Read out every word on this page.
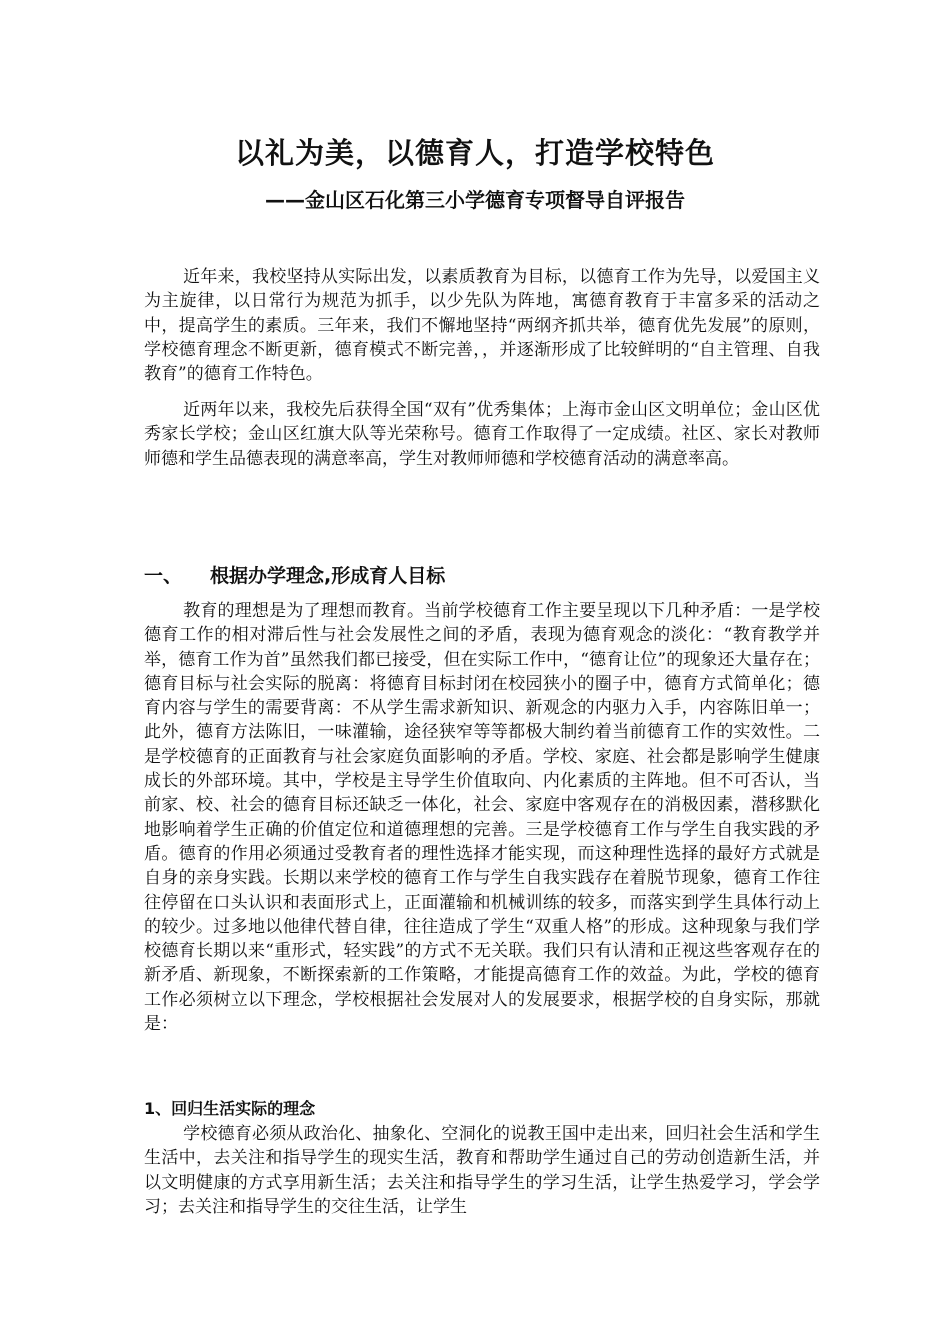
以礼为美，以德育人，打造学校特色
——金山区石化第三小学德育专项督导自评报告

近年来，我校坚持从实际出发，以素质教育为目标，以德育工作为先导，以爱国主义为主旋律，以日常行为规范为抓手，以少先队为阵地，寓德育教育于丰富多采的活动之中，提高学生的素质。三年来，我们不懈地坚持“两纲齐抓共举，德育优先发展”的原则，学校德育理念不断更新，德育模式不断完善，，并逐渐形成了比较鲜明的“自主管理、自我教育”的德育工作特色。

近两年以来，我校先后获得全国“双有”优秀集体；上海市金山区文明单位；金山区优秀家长学校；金山区红旗大队等光荣称号。德育工作取得了一定成绩。社区、家长对教师师德和学生品德表现的满意率高，学生对教师师德和学校德育活动的满意率高。

一、 根据办学理念,形成育人目标

教育的理想是为了理想而教育。当前学校德育工作主要呈现以下几种矛盾：一是学校德育工作的相对滞后性与社会发展性之间的矛盾，表现为德育观念的淡化：“教育教学并举，德育工作为首”虽然我们都已接受，但在实际工作中，“德育让位”的现象还大量存在；德育目标与社会实际的脱离：将德育目标封闭在校园狭小的圈子中，德育方式简单化；德育内容与学生的需要背离：不从学生需求新知识、新观念的内驱力入手，内容陈旧单一；此外，德育方法陈旧，一味灌输，途径狭窄等等都极大制约着当前德育工作的实效性。二是学校德育的正面教育与社会家庭负面影响的矛盾。学校、家庭、社会都是影响学生健康成长的外部环境。其中，学校是主导学生价值取向、内化素质的主阵地。但不可否认，当前家、校、社会的德育目标还缺乏一体化，社会、家庭中客观存在的消极因素，潜移默化地影响着学生正确的价值定位和道德理想的完善。三是学校德育工作与学生自我实践的矛盾。德育的作用必须通过受教育者的理性选择才能实现，而这种理性选择的最好方式就是自身的亲身实践。长期以来学校的德育工作与学生自我实践存在着脱节现象，德育工作往往停留在口头认识和表面形式上，正面灌输和机械训练的较多，而落实到学生具体行动上的较少。过多地以他律代替自律，往往造成了学生“双重人格”的形成。这种现象与我们学校德育长期以来“重形式，轻实践”的方式不无关联。我们只有认清和正视这些客观存在的新矛盾、新现象，不断探索新的工作策略，才能提高德育工作的效益。为此，学校的德育工作必须树立以下理念，学校根据社会发展对人的发展要求，根据学校的自身实际，那就是：

1、回归生活实际的理念

学校德育必须从政治化、抽象化、空洞化的说教王国中走出来，回归社会生活和学生生活中，去关注和指导学生的现实生活，教育和帮助学生通过自己的劳动创造新生活，并以文明健康的方式享用新生活；去关注和指导学生的学习生活，让学生热爱学习，学会学习；去关注和指导学生的交往生活，让学生
